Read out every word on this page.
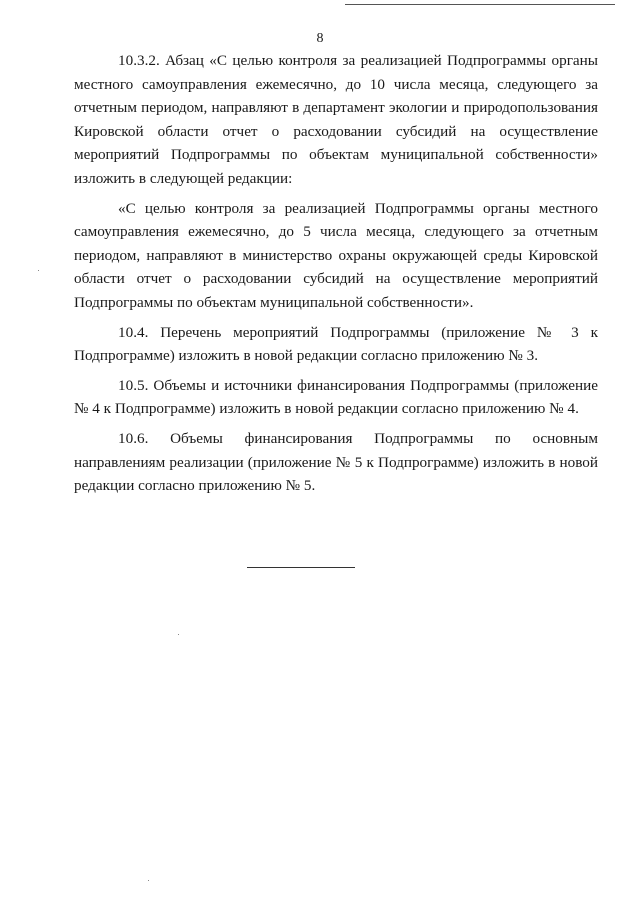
8

10.3.2. Абзац «С целью контроля за реализацией Подпрограммы органы местного самоуправления ежемесячно, до 10 числа месяца, следующего за отчетным периодом, направляют в департамент экологии и природопользования Кировской области отчет о расходовании субсидий на осуществление мероприятий Подпрограммы по объектам муниципальной собственности» изложить в следующей редакции:

«С целью контроля за реализацией Подпрограммы органы местного самоуправления ежемесячно, до 5 числа месяца, следующего за отчетным периодом, направляют в министерство охраны окружающей среды Кировской области отчет о расходовании субсидий на осуществление мероприятий Подпрограммы по объектам муниципальной собственности».

10.4. Перечень мероприятий Подпрограммы (приложение № 3 к Подпрограмме) изложить в новой редакции согласно приложению № 3.

10.5. Объемы и источники финансирования Подпрограммы (приложение № 4 к Подпрограмме) изложить в новой редакции согласно приложению № 4.

10.6. Объемы финансирования Подпрограммы по основным направлениям реализации (приложение № 5 к Подпрограмме) изложить в новой редакции согласно приложению № 5.
